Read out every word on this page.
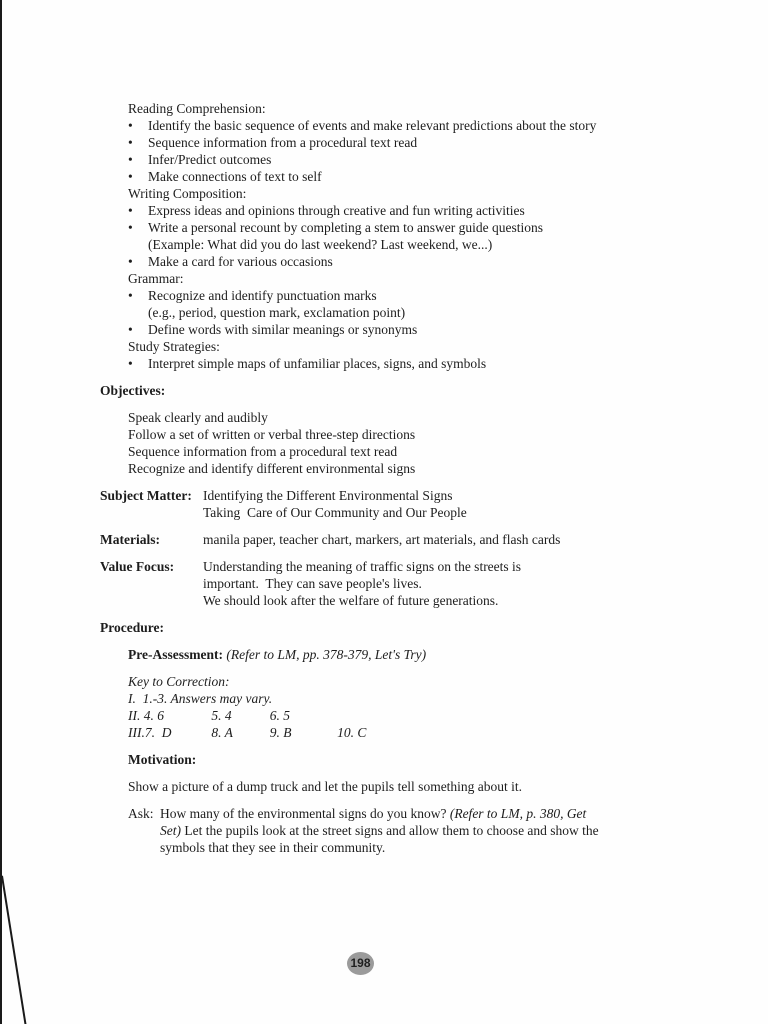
Reading Comprehension:
•	Identify the basic sequence of events and make relevant predictions about the story
•	Sequence information from a procedural text read
•	Infer/Predict outcomes
•	Make connections of text to self
Writing Composition:
•	Express ideas and opinions through creative and fun writing activities
•	Write a personal recount by completing a stem to answer guide questions
(Example: What did you do last weekend? Last weekend, we...)
•	Make a card for various occasions
Grammar:
•	Recognize and identify punctuation marks
(e.g., period, question mark, exclamation point)
•	Define words with similar meanings or synonyms
Study Strategies:
•	Interpret simple maps of unfamiliar places, signs, and symbols
Objectives:
Speak clearly and audibly
Follow a set of written or verbal three-step directions
Sequence information from a procedural text read
Recognize and identify different environmental signs
Subject Matter: Identifying the Different Environmental Signs
Taking  Care of Our Community and Our People
Materials:	manila paper, teacher chart, markers, art materials, and flash cards
Value Focus:	Understanding the meaning of traffic signs on the streets is
important.  They can save people's lives.
We should look after the welfare of future generations.
Procedure:
Pre-Assessment: (Refer to LM, pp. 378-379, Let's Try)
Key to Correction:
I.  1.-3. Answers may vary.
II. 4. 6	5. 4	6. 5
III.7.  D	8. A	9. B	10. C
Motivation:
Show a picture of a dump truck and let the pupils tell something about it.
Ask: How many of the environmental signs do you know? (Refer to LM, p. 380, Get
Set) Let the pupils look at the street signs and allow them to choose and show the
symbols that they see in their community.
198
